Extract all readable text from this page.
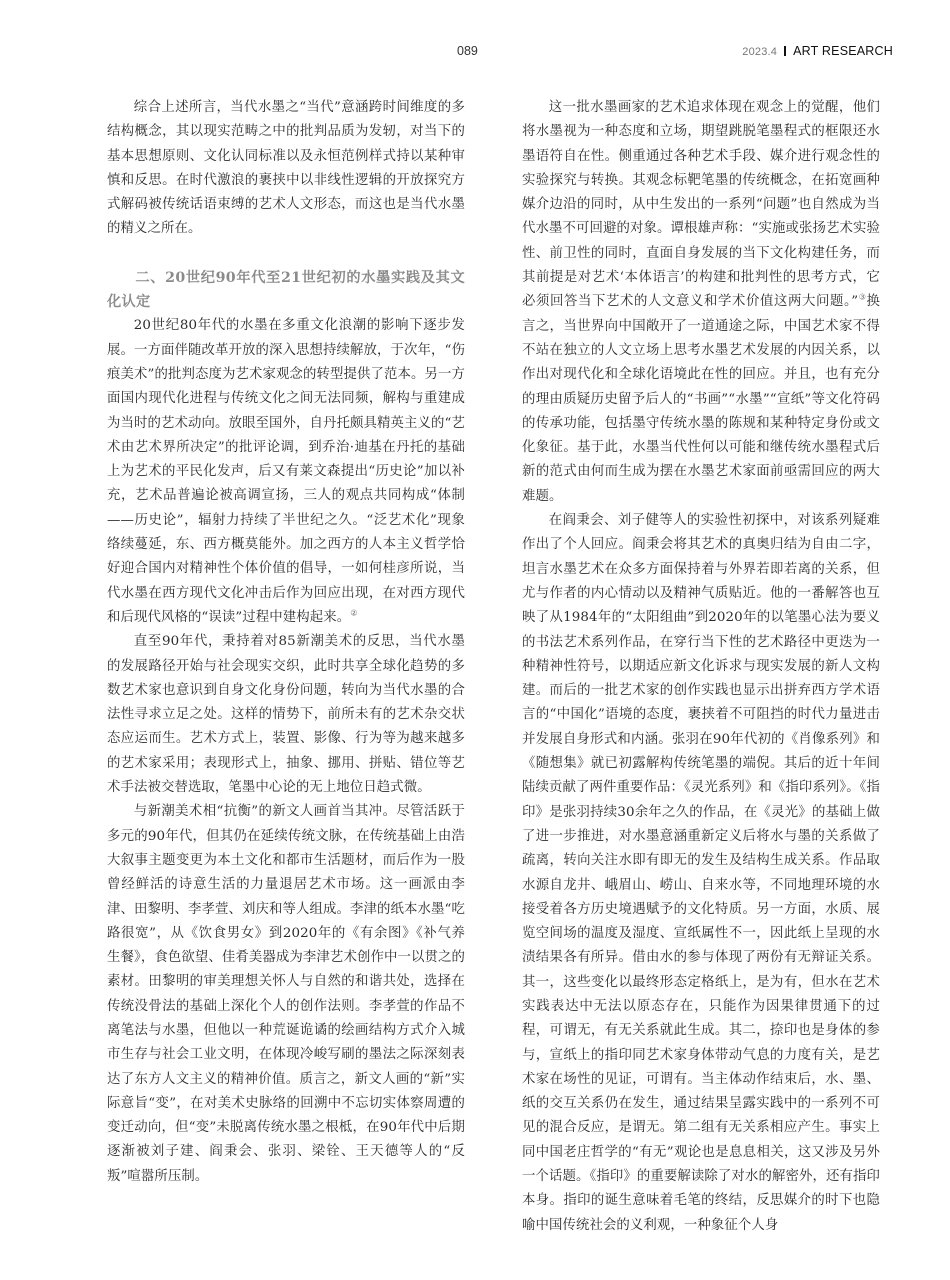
089	2023.4 ART RESEARCH

综合上述所言，当代水墨之“当代”意涵跨时间维度的多结构概念，其以现实范畴之中的批判品质为发轫，对当下的基本思想原则、文化认同标准以及永恒范例样式持以某种审慎和反思。在时代激浪的裹挟中以非线性逻辑的开放探究方式解码被传统话语束缚的艺术人文形态，而这也是当代水墨的精义之所在。

二、20世纪90年代至21世纪初的水墨实践及其文化认定

20世纪80年代的水墨在多重文化浪潮的影响下逐步发展。一方面伴随改革开放的深入思想持续解放，于次年，“伤痕美术”的批判态度为艺术家观念的转型提供了范本。另一方面国内现代化进程与传统文化之间无法同频，解构与重建成为当时的艺术动向。放眼至国外，自丹托颇具精英主义的“艺术由艺术界所决定”的批评论调，到乔治·迪基在丹托的基础上为艺术的平民化发声，后又有莱文森提出“历史论”加以补充，艺术品普遍论被高调宣扬，三人的观点共同构成“体制——历史论”，辐射力持续了半世纪之久。“泛艺术化”现象络续蔓延，东、西方概莫能外。加之西方的人本主义哲学恰好迎合国内对精神性个体价值的倡导，一如何桂彦所说，当代水墨在西方现代文化冲击后作为回应出现，在对西方现代和后现代风格的“误读”过程中建构起来。②

直至90年代，秉持着对85新潮美术的反思，当代水墨的发展路径开始与社会现实交织，此时共享全球化趋势的多数艺术家也意识到自身文化身份问题，转向为当代水墨的合法性寻求立足之处。这样的情势下，前所未有的艺术杂交状态应运而生。艺术方式上，装置、影像、行为等为越来越多的艺术家采用；表现形式上，抽象、挪用、拼贴、错位等艺术手法被交替选取，笔墨中心论的无上地位日趋式微。

与新潮美术相“抗衡”的新文人画首当其冲。尽管活跃于多元的90年代，但其仍在延续传统文脉，在传统基础上由浩大叙事主题变更为本土文化和都市生活题材，而后作为一股曾经鲜活的诗意生活的力量退居艺术市场。这一画派由李津、田黎明、李孝萱、刘庆和等人组成。李津的纸本水墨“吃路很宽”，从《饮食男女》到2020年的《有余图》《补气养生餐》，食色欲望、佳肴美器成为李津艺术创作中一以贯之的素材。田黎明的审美理想关怀人与自然的和谐共处，选择在传统没骨法的基础上深化个人的创作法则。李孝萱的作品不离笔法与水墨，但他以一种荒诞诡谲的绘画结构方式介入城市生存与社会工业文明，在体现冷峻写刷的墨法之际深刻表达了东方人文主义的精神价值。质言之，新文人画的“新”实际意旨“变”，在对美术史脉络的回溯中不忘切实体察周遭的变迁动向，但“变”未脱离传统水墨之根柢，在90年代中后期逐渐被刘子建、阎秉会、张羽、梁铨、王天德等人的“反叛”喧嚣所压制。

这一批水墨画家的艺术追求体现在观念上的觉醒，他们将水墨视为一种态度和立场，期望跳脱笔墨程式的框限还水墨语符自在性。侧重通过各种艺术手段、媒介进行观念性的实验探究与转换。其观念标靶笔墨的传统概念，在拓宽画种媒介边沿的同时，从中生发出的一系列“问题”也自然成为当代水墨不可回避的对象。谭根雄声称：“实施或张扬艺术实验性、前卫性的同时，直面自身发展的当下文化构建任务，而其前提是对艺术‘本体语言’的构建和批判性的思考方式，它必须回答当下艺术的人文意义和学术价值这两大问题。”③换言之，当世界向中国敞开了一道通途之际，中国艺术家不得不站在独立的人文立场上思考水墨艺术发展的内因关系，以作出对现代化和全球化语境此在性的回应。并且，也有充分的理由质疑历史留予后人的“书画”“水墨”“宣纸”等文化符码的传承功能，包括墨守传统水墨的陈规和某种特定身份或文化象征。基于此，水墨当代性何以可能和继传统水墨程式后新的范式由何而生成为摆在水墨艺术家面前亟需回应的两大难题。

在阎秉会、刘子健等人的实验性初探中，对该系列疑难作出了个人回应。阎秉会将其艺术的真奥归结为自由二字，坦言水墨艺术在众多方面保持着与外界若即若离的关系，但尤与作者的内心情动以及精神气质贴近。他的一番解答也互映了从1984年的“太阳组曲”到2020年的以笔墨心法为要义的书法艺术系列作品，在穿行当下性的艺术路径中更迭为一种精神性符号，以期适应新文化诉求与现实发展的新人文构建。而后的一批艺术家的创作实践也显示出拼弃西方学术语言的“中国化”语境的态度，裹挟着不可阻挡的时代力量进击并发展自身形式和内涵。张羽在90年代初的《肖像系列》和《随想集》就已初露解构传统笔墨的端倪。其后的近十年间陆续贡献了两件重要作品：《灵光系列》和《指印系列》。《指印》是张羽持续30余年之久的作品，在《灵光》的基础上做了进一步推进，对水墨意涵重新定义后将水与墨的关系做了疏离，转向关注水即有即无的发生及结构生成关系。作品取水源自龙井、峨眉山、崂山、自来水等，不同地理环境的水接受着各方历史境遇赋予的文化特质。另一方面，水质、展览空间场的温度及湿度、宣纸属性不一，因此纸上呈现的水渍结果各有所异。借由水的参与体现了两份有无辩证关系。其一，这些变化以最终形态定格纸上，是为有，但水在艺术实践表达中无法以原态存在，只能作为因果律贯通下的过程，可谓无，有无关系就此生成。其二，捺印也是身体的参与，宣纸上的指印同艺术家身体带动气息的力度有关，是艺术家在场性的见证，可谓有。当主体动作结束后，水、墨、纸的交互关系仍在发生，通过结果呈露实践中的一系列不可见的混合反应，是谓无。第二组有无关系相应产生。事实上同中国老庄哲学的“有无”观论也是息息相关，这又涉及另外一个话题。《指印》的重要解读除了对水的解密外，还有指印本身。指印的诞生意味着毛笔的终结，反思媒介的时下也隐喻中国传统社会的义利观，一种象征个人身
